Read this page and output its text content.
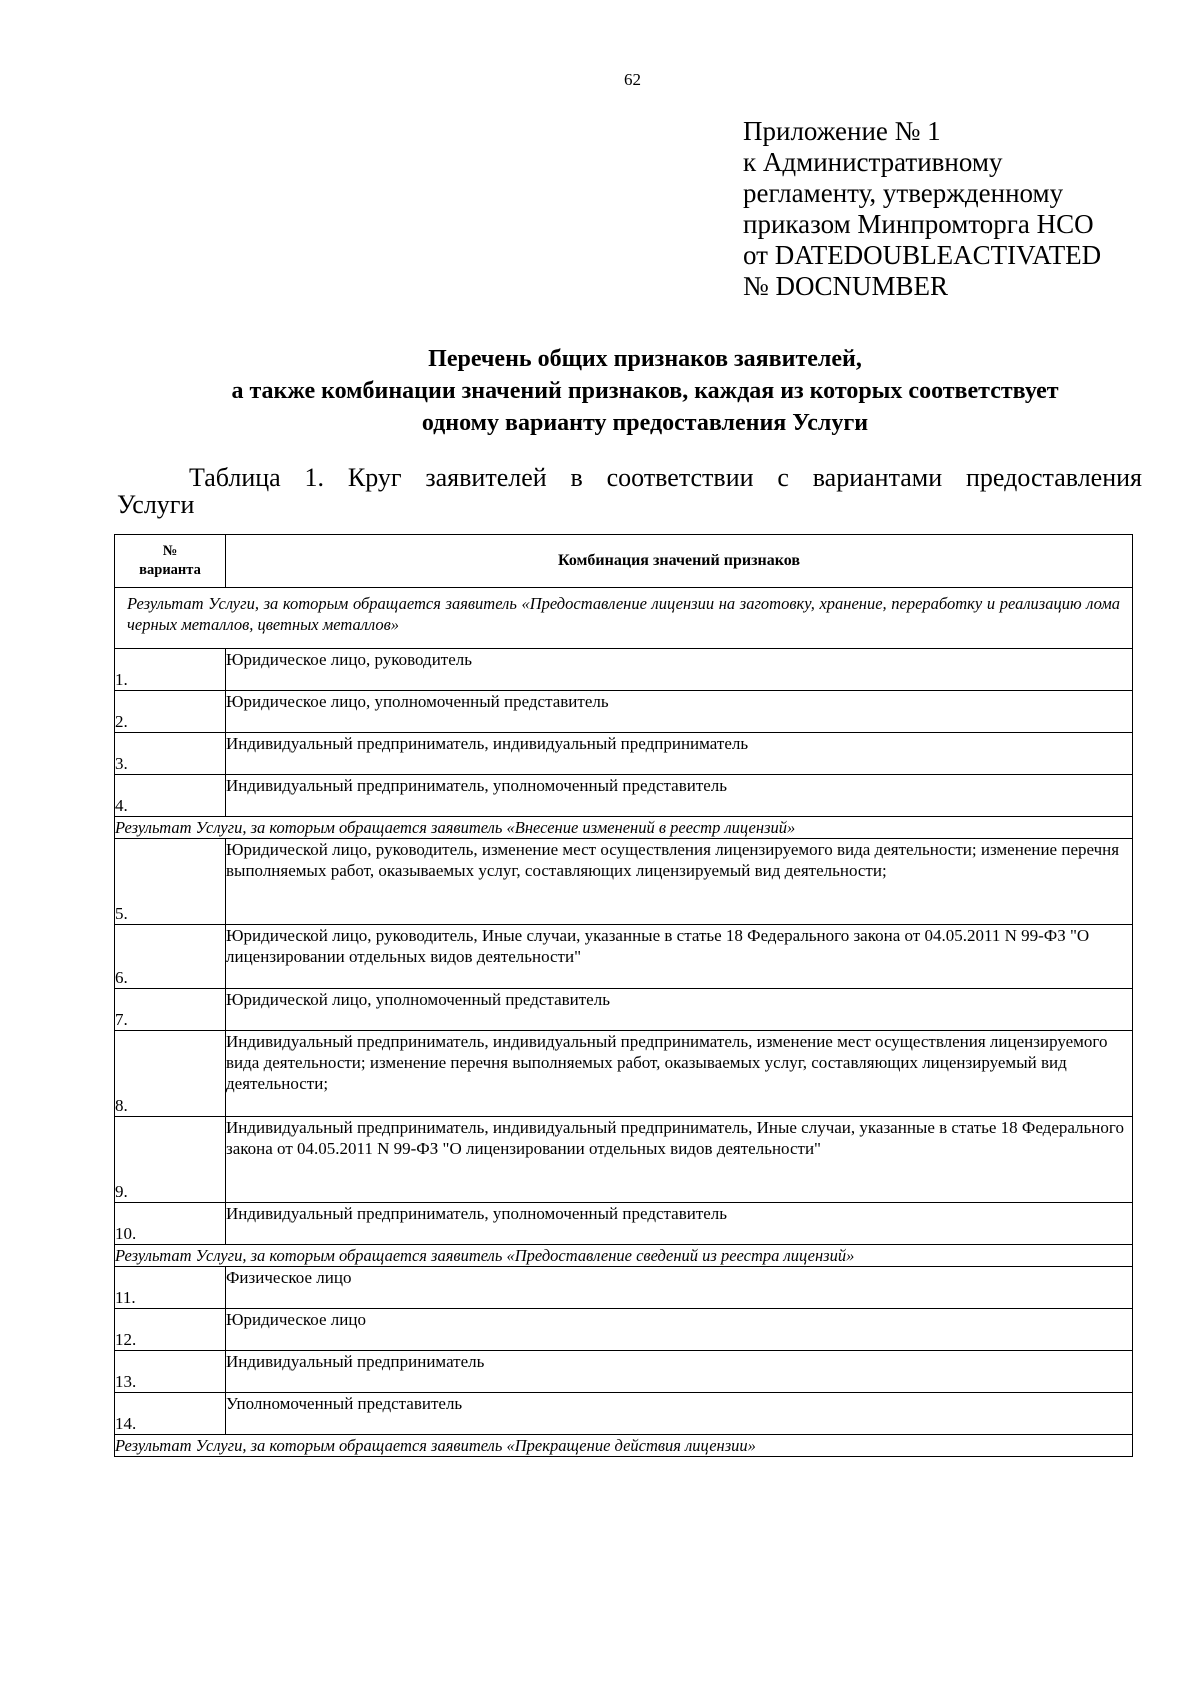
62
Приложение № 1
к Административному
регламенту, утвержденному
приказом Минпромторга НСО
от DATEDOUBLEACTIVATED
№ DOCNUMBER
Перечень общих признаков заявителей,
а также комбинации значений признаков, каждая из которых соответствует
одному варианту предоставления Услуги
Таблица 1. Круг заявителей в соответствии с вариантами предоставления
Услуги
№
варианта	Комбинация значений признаков
Результат Услуги, за которым обращается заявитель «Предоставление лицензии на заготовку, хранение, переработку и реализацию лома черных металлов, цветных металлов»	
1.	Юридическое лицо, руководитель
2.	Юридическое лицо, уполномоченный представитель
3.	Индивидуальный предприниматель, индивидуальный предприниматель
4.	Индивидуальный предприниматель, уполномоченный представитель
Результат Услуги, за которым обращается заявитель «Внесение изменений в реестр лицензий»	
5.	Юридической лицо, руководитель, изменение мест осуществления лицензируемого вида деятельности; изменение перечня выполняемых работ, оказываемых услуг, составляющих лицензируемый вид деятельности;
6.	Юридической лицо, руководитель, Иные случаи, указанные в статье 18 Федерального закона от 04.05.2011 N 99-ФЗ "О лицензировании отдельных видов деятельности"
7.	Юридической лицо, уполномоченный представитель
8.	Индивидуальный предприниматель, индивидуальный предприниматель, изменение мест осуществления лицензируемого вида деятельности; изменение перечня выполняемых работ, оказываемых услуг, составляющих лицензируемый вид деятельности;
9.	Индивидуальный предприниматель, индивидуальный предприниматель, Иные случаи, указанные в статье 18 Федерального закона от 04.05.2011 N 99-ФЗ "О лицензировании отдельных видов деятельности"
10.	Индивидуальный предприниматель, уполномоченный представитель
Результат Услуги, за которым обращается заявитель «Предоставление сведений из реестра лицензий»	
11.	Физическое лицо
12.	Юридическое лицо
13.	Индивидуальный предприниматель
14.	Уполномоченный представитель
Результат Услуги, за которым обращается заявитель «Прекращение действия лицензии»	
